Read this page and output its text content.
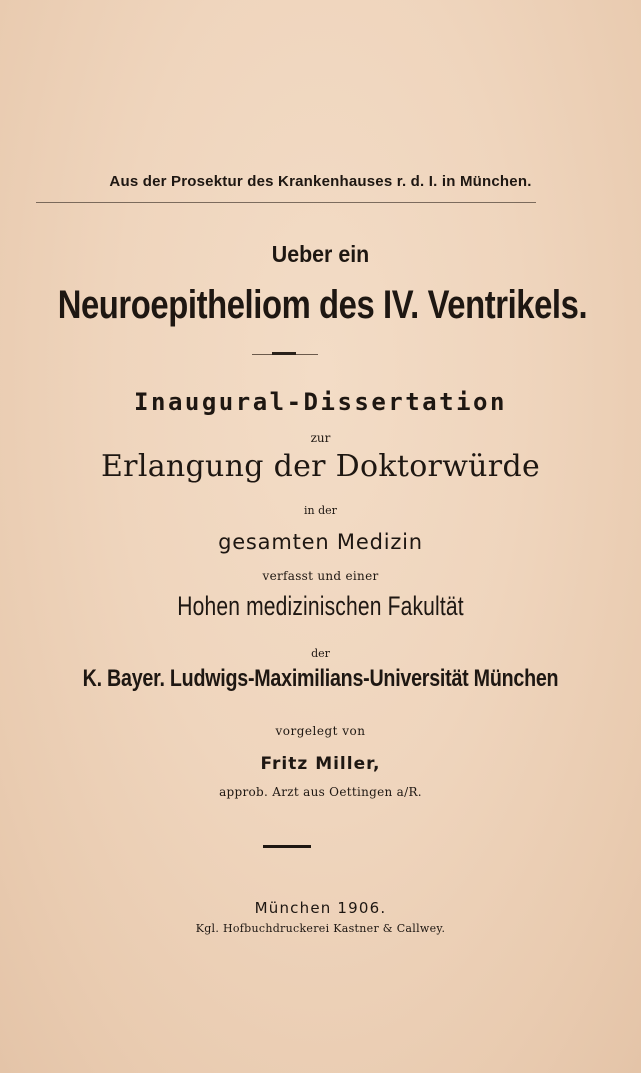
Aus der Prosektur des Krankenhauses r. d. I. in München.
Ueber ein
Neuroepitheliom des IV. Ventrikels.
Inaugural-Dissertation
zur
Erlangung der Doktorwürde
in der
gesamten Medizin
verfasst und einer
Hohen medizinischen Fakultät
der
K. Bayer. Ludwigs-Maximilians-Universität München
vorgelegt von
Fritz Miller,
approb. Arzt aus Oettingen a/R.
München 1906.
Kgl. Hofbuchdruckerei Kastner & Callwey.
